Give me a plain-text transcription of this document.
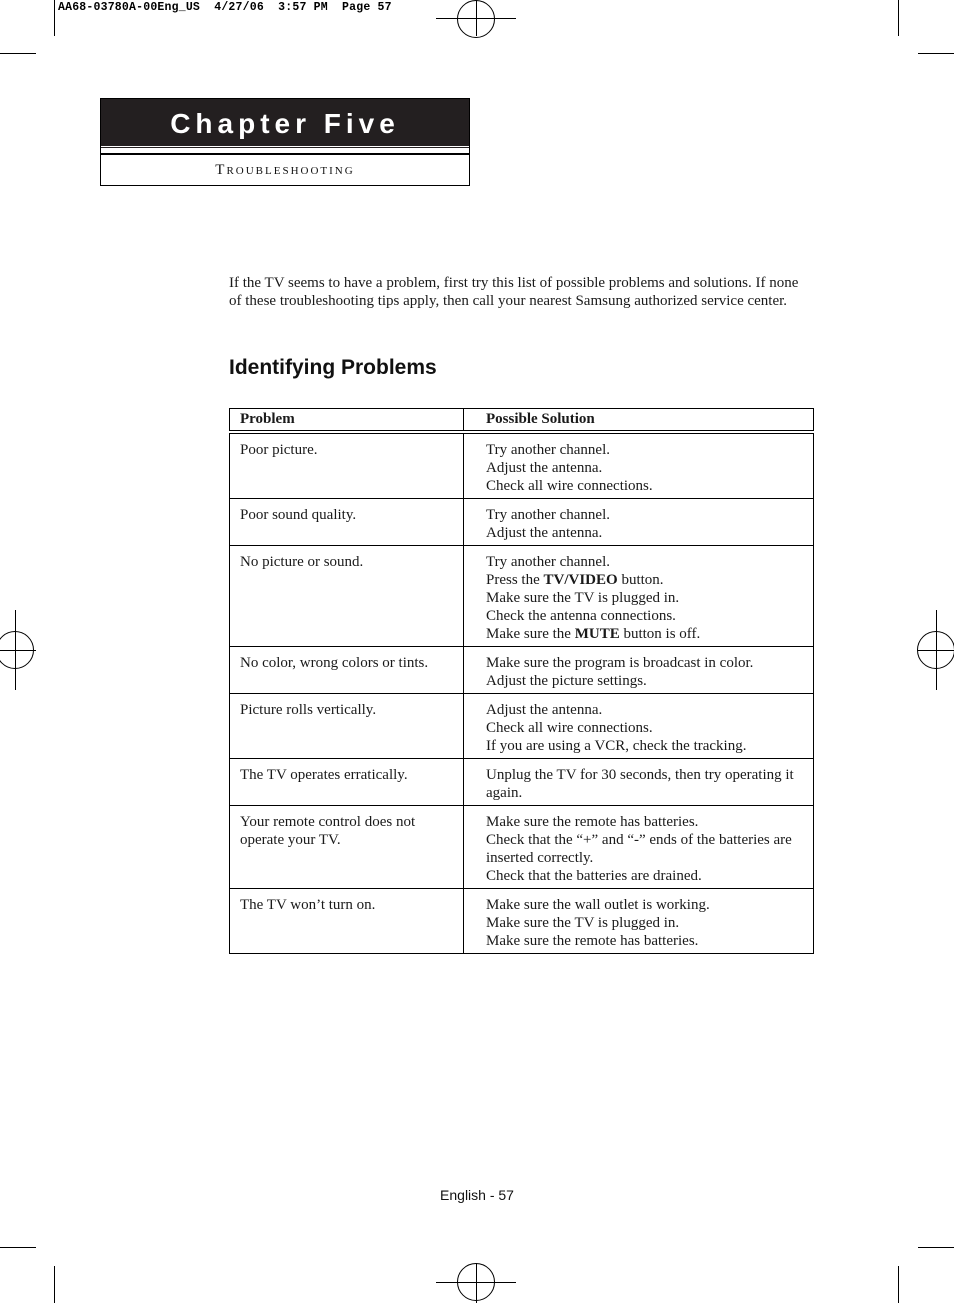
AA68-03780A-00Eng_US  4/27/06  3:57 PM  Page 57
Chapter Five
Troubleshooting

If the TV seems to have a problem, first try this list of possible problems and solutions. If none of these troubleshooting tips apply, then call your nearest Samsung authorized service center.

Identifying Problems
Problem	Possible Solution
Poor picture.	Try another channel.
Adjust the antenna.
Check all wire connections.

Poor sound quality.	Try another channel.
Adjust the antenna.

No picture or sound.	Try another channel.
Press the TV/VIDEO button.
Make sure the TV is plugged in.
Check the antenna connections.
Make sure the MUTE button is off.

No color, wrong colors or tints.	Make sure the program is broadcast in color.
Adjust the picture settings.

Picture rolls vertically.	Adjust the antenna.
Check all wire connections.
If you are using a VCR, check the tracking.

The TV operates erratically.	Unplug the TV for 30 seconds, then try operating it again.

Your remote control does not operate your TV.	Make sure the remote has batteries.
Check that the “+” and “-” ends of the batteries are inserted correctly.
Check that the batteries are drained.

The TV won’t turn on.	Make sure the wall outlet is working.
Make sure the TV is plugged in.
Make sure the remote has batteries.
English - 57
